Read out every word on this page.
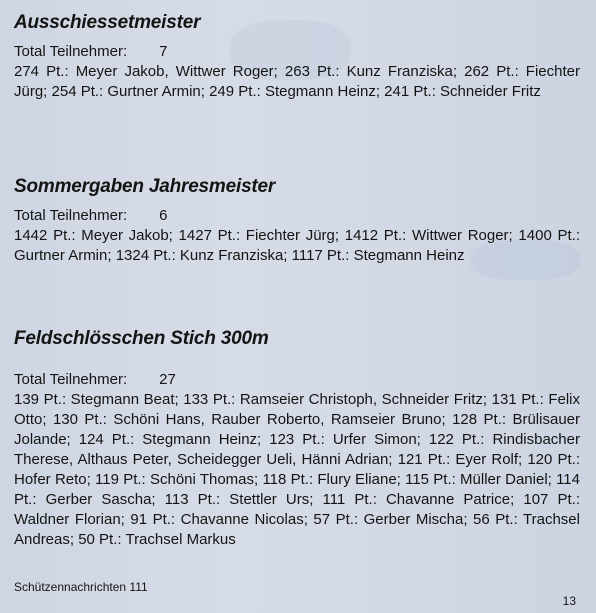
Ausschiessetmeister
Total Teilnehmer: 7

274 Pt.: Meyer Jakob, Wittwer Roger; 263 Pt.: Kunz Franziska; 262 Pt.: Fiechter Jürg; 254 Pt.: Gurtner Armin; 249 Pt.: Stegmann Heinz; 241 Pt.: Schneider Fritz

Sommergaben Jahresmeister
Total Teilnehmer: 6

1442 Pt.: Meyer Jakob; 1427 Pt.: Fiechter Jürg; 1412 Pt.: Wittwer Roger; 1400 Pt.: Gurtner Armin; 1324 Pt.: Kunz Franziska; 1117 Pt.: Stegmann Heinz

Feldschlösschen Stich 300m
Total Teilnehmer: 27

139 Pt.: Stegmann Beat; 133 Pt.: Ramseier Christoph, Schneider Fritz; 131 Pt.: Felix Otto; 130 Pt.: Schöni Hans, Rauber Roberto, Ramseier Bruno; 128 Pt.: Brülisauer Jolande; 124 Pt.: Stegmann Heinz; 123 Pt.: Urfer Simon; 122 Pt.: Rindisbacher Therese, Althaus Peter, Scheidegger Ueli, Hänni Adrian; 121 Pt.: Eyer Rolf; 120 Pt.: Hofer Reto; 119 Pt.: Schöni Thomas; 118 Pt.: Flury Eliane; 115 Pt.: Müller Daniel; 114 Pt.: Gerber Sascha; 113 Pt.: Stettler Urs; 111 Pt.: Chavanne Patrice; 107 Pt.: Waldner Florian; 91 Pt.: Chavanne Nicolas; 57 Pt.: Gerber Mischa; 56 Pt.: Trachsel Andreas; 50 Pt.: Trachsel Markus

Schützennachrichten 111
13
